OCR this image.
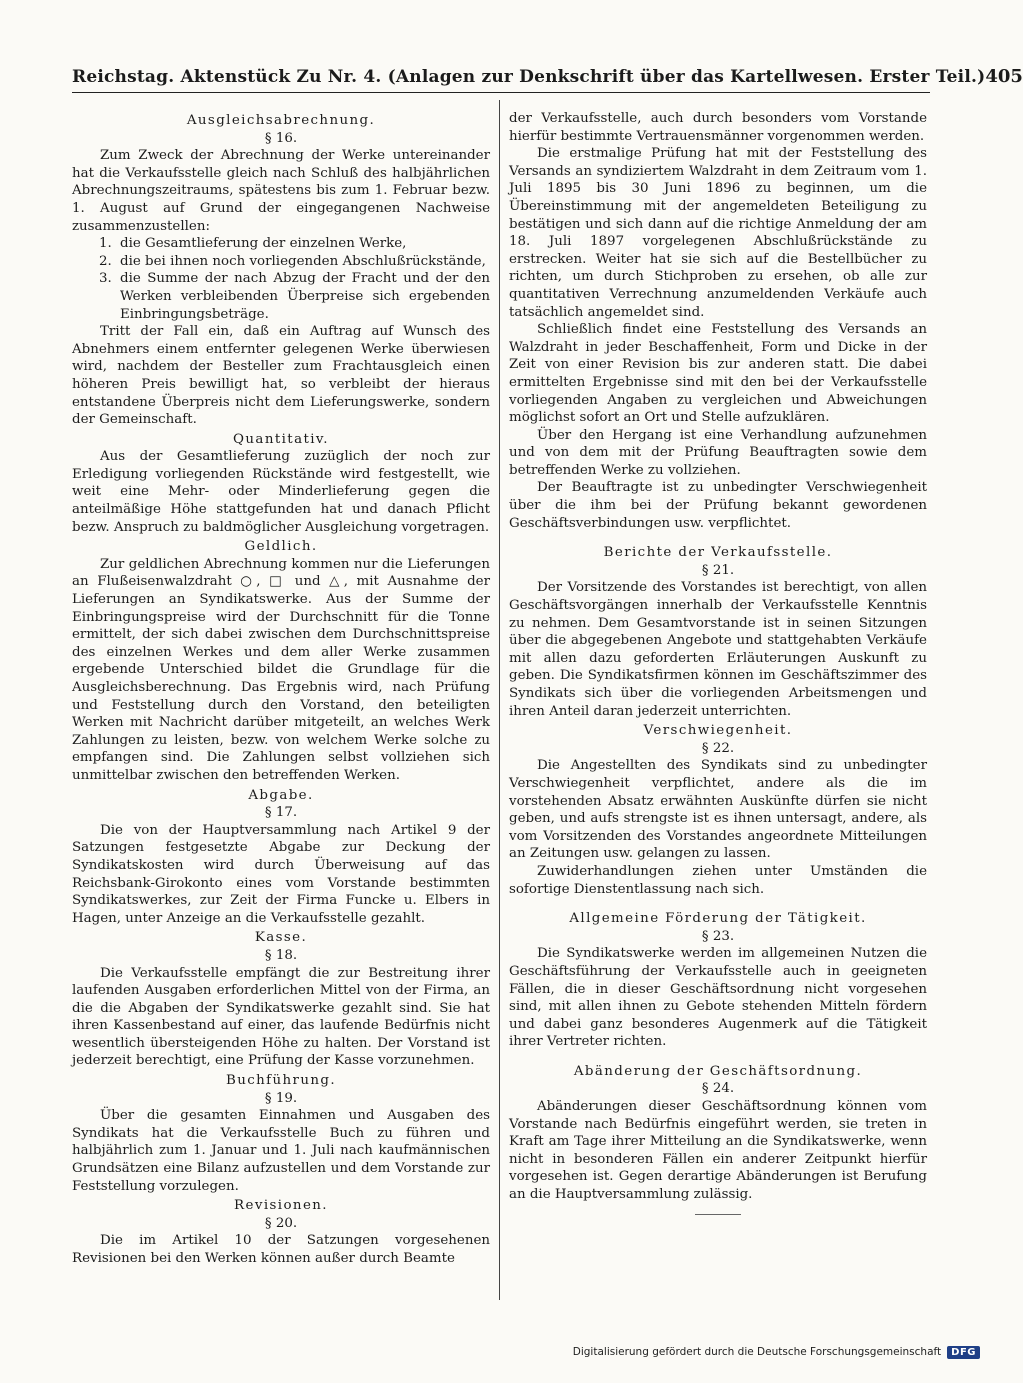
Reichstag. Aktenstück Zu Nr. 4. (Anlagen zur Denkschrift über das Kartellwesen. Erster Teil.) 405
Ausgleichsabrechnung.
§ 16.

Zum Zweck der Abrechnung der Werke untereinander hat die Verkaufsstelle gleich nach Schluß des halbjährlichen Abrechnungszeitraums, spätestens bis zum 1. Februar bezw. 1. August auf Grund der eingegangenen Nachweise zusammenzustellen:

1. die Gesamtlieferung der einzelnen Werke,
2. die bei ihnen noch vorliegenden Abschlußrückstände,
3. die Summe der nach Abzug der Fracht und der den Werken verbleibenden Überpreise sich ergebenden Einbringungsbeträge.

Tritt der Fall ein, daß ein Auftrag auf Wunsch des Abnehmers einem entfernter gelegenen Werke überwiesen wird, nachdem der Besteller zum Frachtausgleich einen höheren Preis bewilligt hat, so verbleibt der hieraus entstandene Überpreis nicht dem Lieferungswerke, sondern der Gemeinschaft.

Quantitativ.

Aus der Gesamtlieferung zuzüglich der noch zur Erledigung vorliegenden Rückstände wird festgestellt, wie weit eine Mehr- oder Minderlieferung gegen die anteilmäßige Höhe stattgefunden hat und danach Pflicht bezw. Anspruch zu baldmöglicher Ausgleichung vorgetragen.

Geldlich.

Zur geldlichen Abrechnung kommen nur die Lieferungen an Flußeisenwalzdraht ○, □ und △, mit Ausnahme der Lieferungen an Syndikatswerke. Aus der Summe der Einbringungspreise wird der Durchschnitt für die Tonne ermittelt, der sich dabei zwischen dem Durchschnittspreise des einzelnen Werkes und dem aller Werke zusammen ergebende Unterschied bildet die Grundlage für die Ausgleichsberechnung. Das Ergebnis wird, nach Prüfung und Feststellung durch den Vorstand, den beteiligten Werken mit Nachricht darüber mitgeteilt, an welches Werk Zahlungen zu leisten, bezw. von welchem Werke solche zu empfangen sind. Die Zahlungen selbst vollziehen sich unmittelbar zwischen den betreffenden Werken.

Abgabe.
§ 17.

Die von der Hauptversammlung nach Artikel 9 der Satzungen festgesetzte Abgabe zur Deckung der Syndikatskosten wird durch Überweisung auf das Reichsbank-Girokonto eines vom Vorstande bestimmten Syndikatswerkes, zur Zeit der Firma Funcke u. Elbers in Hagen, unter Anzeige an die Verkaufsstelle gezahlt.

Kasse.
§ 18.

Die Verkaufsstelle empfängt die zur Bestreitung ihrer laufenden Ausgaben erforderlichen Mittel von der Firma, an die die Abgaben der Syndikatswerke gezahlt sind. Sie hat ihren Kassenbestand auf einer, das laufende Bedürfnis nicht wesentlich übersteigenden Höhe zu halten. Der Vorstand ist jederzeit berechtigt, eine Prüfung der Kasse vorzunehmen.

Buchführung.
§ 19.

Über die gesamten Einnahmen und Ausgaben des Syndikats hat die Verkaufsstelle Buch zu führen und halbjährlich zum 1. Januar und 1. Juli nach kaufmännischen Grundsätzen eine Bilanz aufzustellen und dem Vorstande zur Feststellung vorzulegen.

Revisionen.
§ 20.

Die im Artikel 10 der Satzungen vorgesehenen Revisionen bei den Werken können außer durch Beamte

der Verkaufsstelle, auch durch besonders vom Vorstande hierfür bestimmte Vertrauensmänner vorgenommen werden.

Die erstmalige Prüfung hat mit der Feststellung des Versands an syndiziertem Walzdraht in dem Zeitraum vom 1. Juli 1895 bis 30 Juni 1896 zu beginnen, um die Übereinstimmung mit der angemeldeten Beteiligung zu bestätigen und sich dann auf die richtige Anmeldung der am 18. Juli 1897 vorgelegenen Abschlußrückstände zu erstrecken. Weiter hat sie sich auf die Bestellbücher zu richten, um durch Stichproben zu ersehen, ob alle zur quantitativen Verrechnung anzumeldenden Verkäufe auch tatsächlich angemeldet sind.

Schließlich findet eine Feststellung des Versands an Walzdraht in jeder Beschaffenheit, Form und Dicke in der Zeit von einer Revision bis zur anderen statt. Die dabei ermittelten Ergebnisse sind mit den bei der Verkaufsstelle vorliegenden Angaben zu vergleichen und Abweichungen möglichst sofort an Ort und Stelle aufzuklären.

Über den Hergang ist eine Verhandlung aufzunehmen und von dem mit der Prüfung Beauftragten sowie dem betreffenden Werke zu vollziehen.

Der Beauftragte ist zu unbedingter Verschwiegenheit über die ihm bei der Prüfung bekannt gewordenen Geschäftsverbindungen usw. verpflichtet.

Berichte der Verkaufsstelle.
§ 21.

Der Vorsitzende des Vorstandes ist berechtigt, von allen Geschäftsvorgängen innerhalb der Verkaufsstelle Kenntnis zu nehmen. Dem Gesamtvorstande ist in seinen Sitzungen über die abgegebenen Angebote und stattgehabten Verkäufe mit allen dazu geforderten Erläuterungen Auskunft zu geben. Die Syndikatsfirmen können im Geschäftszimmer des Syndikats sich über die vorliegenden Arbeitsmengen und ihren Anteil daran jederzeit unterrichten.

Verschwiegenheit.
§ 22.

Die Angestellten des Syndikats sind zu unbedingter Verschwiegenheit verpflichtet, andere als die im vorstehenden Absatz erwähnten Auskünfte dürfen sie nicht geben, und aufs strengste ist es ihnen untersagt, andere, als vom Vorsitzenden des Vorstandes angeordnete Mitteilungen an Zeitungen usw. gelangen zu lassen.

Zuwiderhandlungen ziehen unter Umständen die sofortige Dienstentlassung nach sich.

Allgemeine Förderung der Tätigkeit.
§ 23.

Die Syndikatswerke werden im allgemeinen Nutzen die Geschäftsführung der Verkaufsstelle auch in geeigneten Fällen, die in dieser Geschäftsordnung nicht vorgesehen sind, mit allen ihnen zu Gebote stehenden Mitteln fördern und dabei ganz besonderes Augenmerk auf die Tätigkeit ihrer Vertreter richten.

Abänderung der Geschäftsordnung.
§ 24.

Abänderungen dieser Geschäftsordnung können vom Vorstande nach Bedürfnis eingeführt werden, sie treten in Kraft am Tage ihrer Mitteilung an die Syndikatswerke, wenn nicht in besonderen Fällen ein anderer Zeitpunkt hierfür vorgesehen ist. Gegen derartige Abänderungen ist Berufung an die Hauptversammlung zulässig.

Digitalisierung gefördert durch die Deutsche Forschungsgemeinschaft	DFG
